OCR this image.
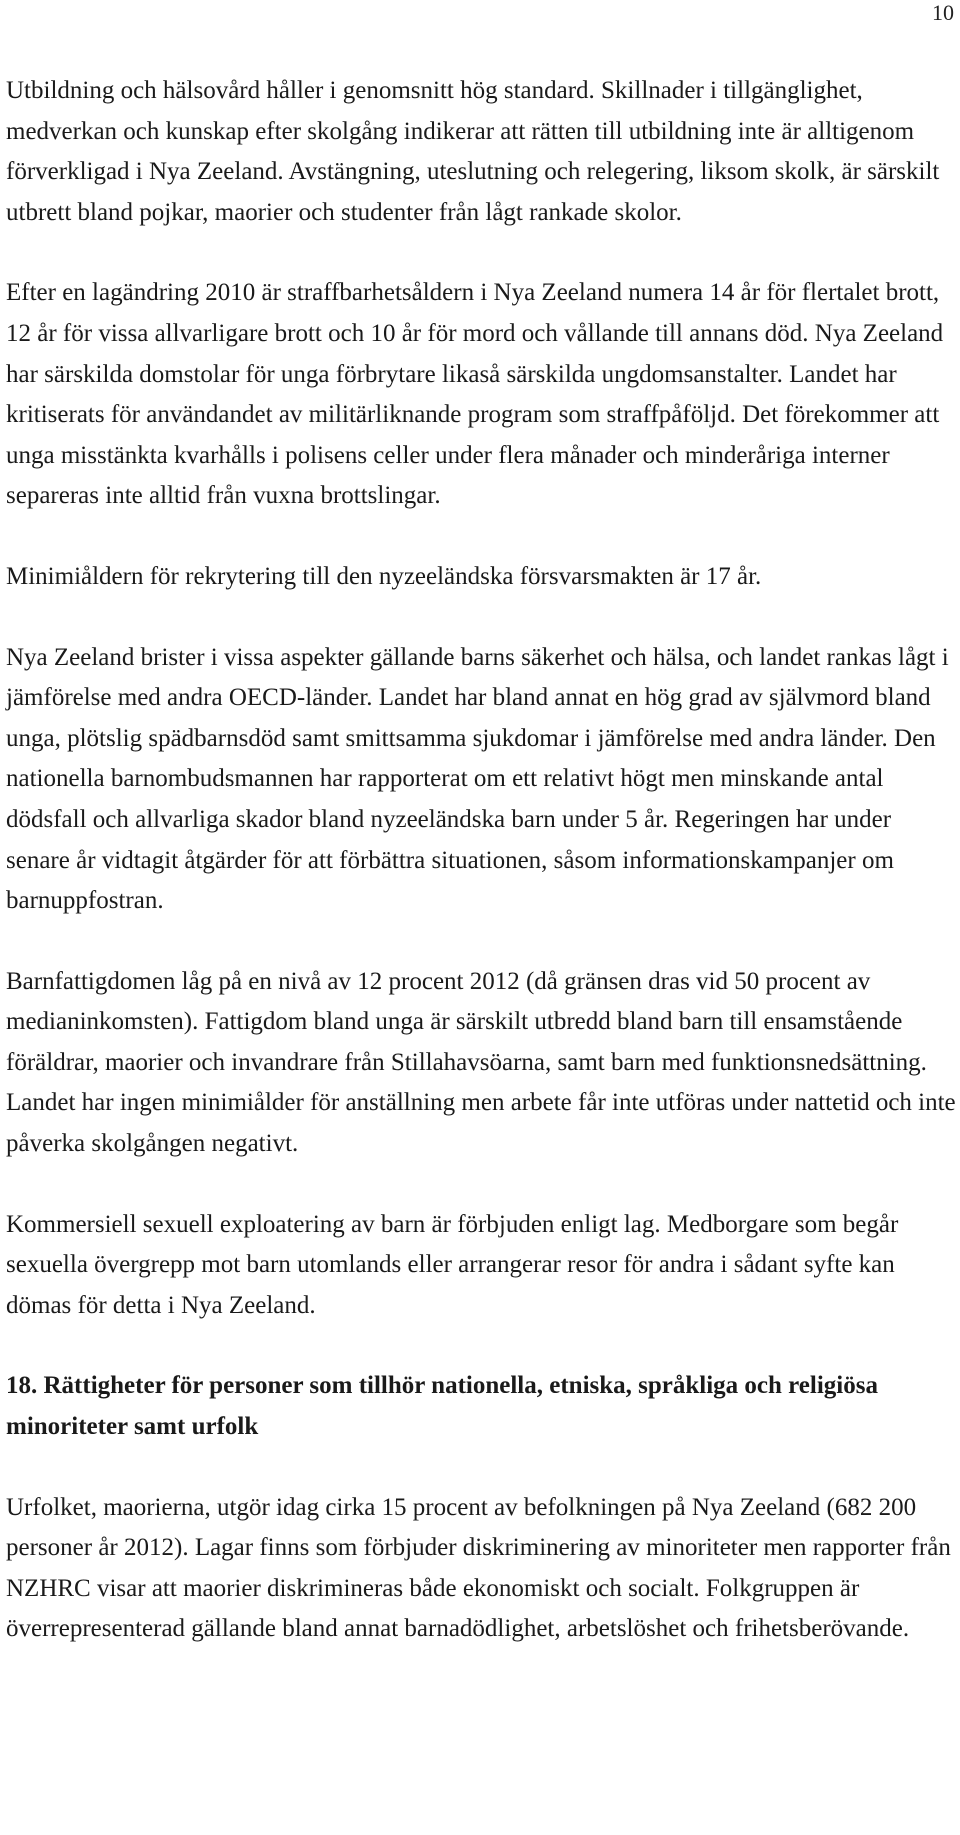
10

Utbildning och hälsovård håller i genomsnitt hög standard. Skillnader i tillgänglighet, medverkan och kunskap efter skolgång indikerar att rätten till utbildning inte är alltigenom förverkligad i Nya Zeeland. Avstängning, uteslutning och relegering, liksom skolk, är särskilt utbrett bland pojkar, maorier och studenter från lågt rankade skolor.

Efter en lagändring 2010 är straffbarhetsåldern i Nya Zeeland numera 14 år för flertalet brott, 12 år för vissa allvarligare brott och 10 år för mord och vållande till annans död. Nya Zeeland har särskilda domstolar för unga förbrytare likaså särskilda ungdomsanstalter. Landet har kritiserats för användandet av militärliknande program som straffpåföljd. Det förekommer att unga misstänkta kvarhålls i polisens celler under flera månader och minderåriga interner separeras inte alltid från vuxna brottslingar.

Minimiåldern för rekrytering till den nyzeeländska försvarsmakten är 17 år.

Nya Zeeland brister i vissa aspekter gällande barns säkerhet och hälsa, och landet rankas lågt i jämförelse med andra OECD-länder. Landet har bland annat en hög grad av självmord bland unga, plötslig spädbarnsdöd samt smittsamma sjukdomar i jämförelse med andra länder. Den nationella barnombudsmannen har rapporterat om ett relativt högt men minskande antal dödsfall och allvarliga skador bland nyzeeländska barn under 5 år. Regeringen har under senare år vidtagit åtgärder för att förbättra situationen, såsom informationskampanjer om barnuppfostran.

Barnfattigdomen låg på en nivå av 12 procent 2012 (då gränsen dras vid 50 procent av medianinkomsten). Fattigdom bland unga är särskilt utbredd bland barn till ensamstående föräldrar, maorier och invandrare från Stillahavsöarna, samt barn med funktionsnedsättning. Landet har ingen minimiålder för anställning men arbete får inte utföras under nattetid och inte påverka skolgången negativt.

Kommersiell sexuell exploatering av barn är förbjuden enligt lag. Medborgare som begår sexuella övergrepp mot barn utomlands eller arrangerar resor för andra i sådant syfte kan dömas för detta i Nya Zeeland.

18. Rättigheter för personer som tillhör nationella, etniska, språkliga och religiösa minoriteter samt urfolk

Urfolket, maorierna, utgör idag cirka 15 procent av befolkningen på Nya Zeeland (682 200 personer år 2012). Lagar finns som förbjuder diskriminering av minoriteter men rapporter från NZHRC visar att maorier diskrimineras både ekonomiskt och socialt. Folkgruppen är överrepresenterad gällande bland annat barnadödlighet, arbetslöshet och frihetsberövande.
